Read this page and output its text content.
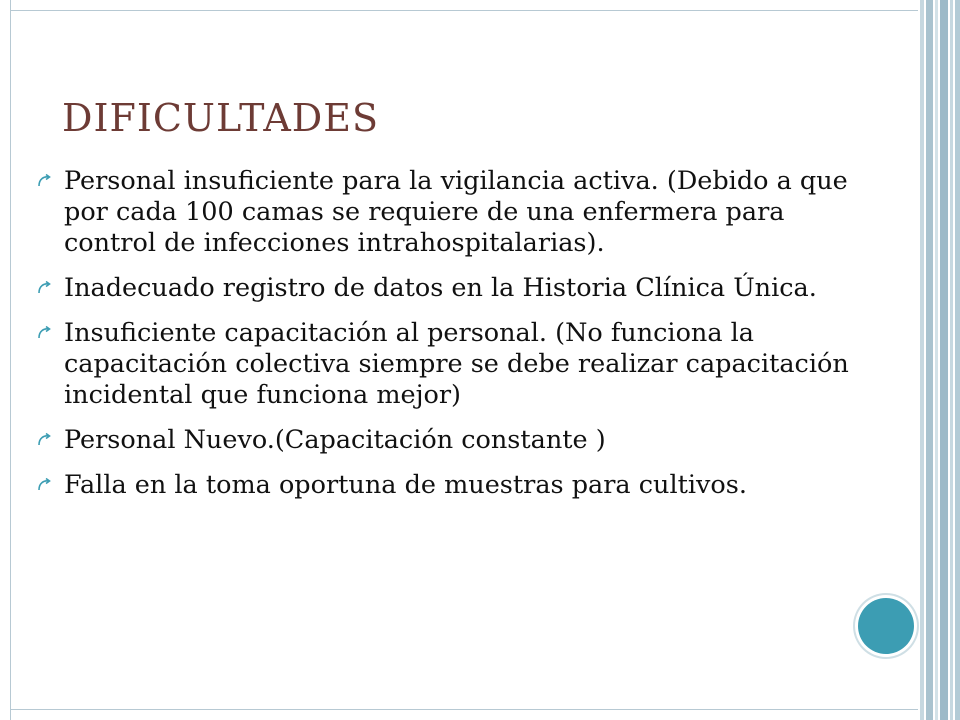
DIFICULTADES
Personal insuficiente para la vigilancia activa. (Debido a que por cada 100 camas se requiere de una enfermera para control de infecciones intrahospitalarias).
Inadecuado registro de datos en la Historia Clínica Única.
Insuficiente capacitación al personal. (No funciona la capacitación colectiva siempre se debe realizar capacitación incidental que funciona mejor)
Personal Nuevo.(Capacitación constante )
Falla en la toma oportuna de muestras para cultivos.
